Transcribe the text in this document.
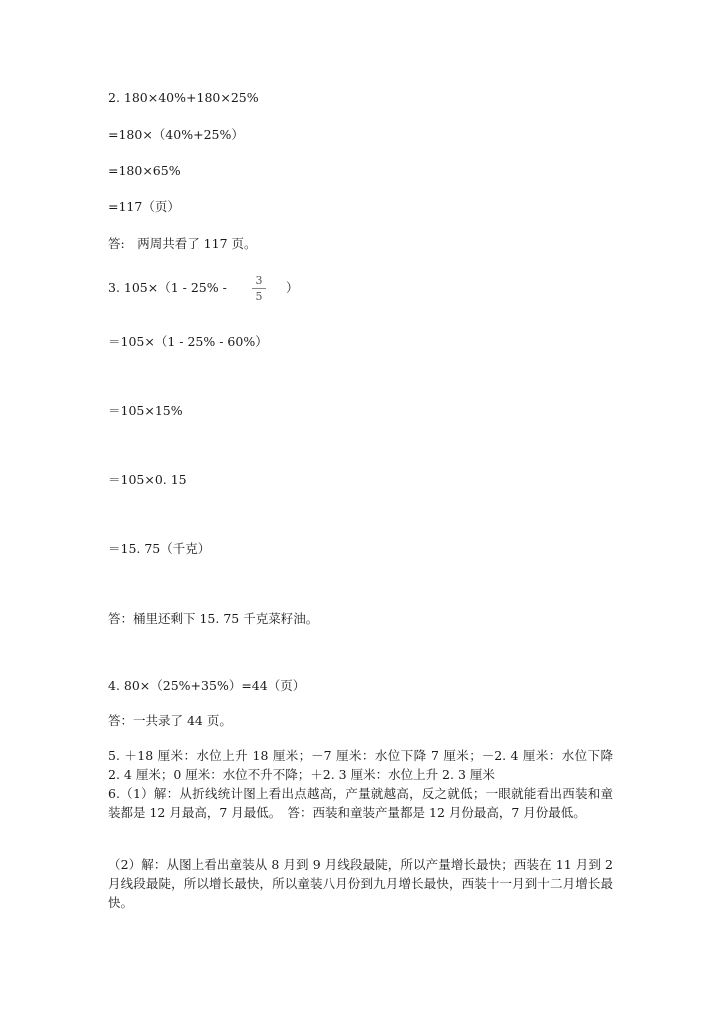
2. 180×40%+180×25%

=180×（40%+25%）

=180×65%

=117（页）

答:　两周共看了 117 页。

3. $105\times(1 - 25\% - \frac{3}{5}$ ）

＝105×（1 - 25% - 60%）

＝105×15%

＝105×0. 15

＝15. 75（千克）

答：桶里还剩下 15. 75 千克菜籽油。

4. 80×（25%+35%）=44（页）

答：一共录了 44 页。

5. ＋18 厘米：水位上升 18 厘米；－7 厘米：水位下降 7 厘米；－2. 4 厘米：水位下降 2. 4 厘米；0 厘米：水位不升不降；＋2. 3 厘米：水位上升 2. 3 厘米

6.（1）解：从折线统计图上看出点越高，产量就越高，反之就低；一眼就能看出西装和童装都是 12 月最高，7 月最低。　答：西装和童装产量都是 12 月份最高，7 月份最低。

（2）解：从图上看出童装从 8 月到 9 月线段最陡，所以产量增长最快；西装在 11 月到 2 月线段最陡，所以增长最快，所以童装八月份到九月增长最快，西装十一月到十二月增长最快。
